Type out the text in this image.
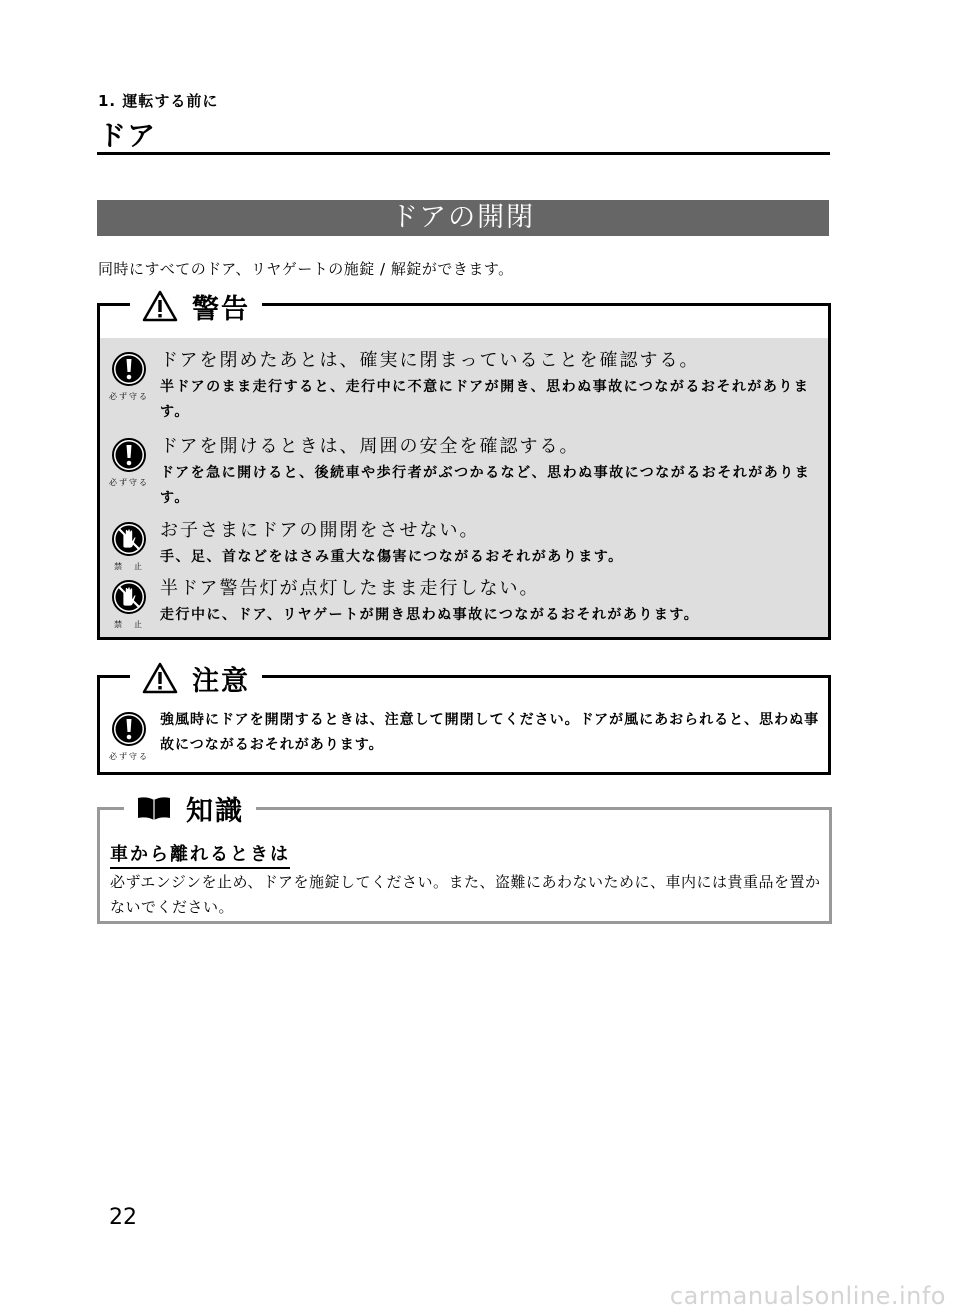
1. 運転する前に
ドア
ドアの開閉
同時にすべてのドア、リヤゲートの施錠 / 解錠ができます。
警告
必ず守る
ドアを閉めたあとは、確実に閉まっていることを確認する。
半ドアのまま走行すると、走行中に不意にドアが開き、思わぬ事故につながるおそれがあります。
必ず守る
ドアを開けるときは、周囲の安全を確認する。
ドアを急に開けると、後続車や歩行者がぶつかるなど、思わぬ事故につながるおそれがあります。
禁　止
お子さまにドアの開閉をさせない。
手、足、首などをはさみ重大な傷害につながるおそれがあります。
禁　止
半ドア警告灯が点灯したまま走行しない。
走行中に、ドア、リヤゲートが開き思わぬ事故につながるおそれがあります。
注意
必ず守る
強風時にドアを開閉するときは、注意して開閉してください。ドアが風にあおられると、思わぬ事故につながるおそれがあります。
知識
車から離れるときは
必ずエンジンを止め、ドアを施錠してください。また、盗難にあわないために、車内には貴重品を置かないでください。
22
carmanualsonline.info
